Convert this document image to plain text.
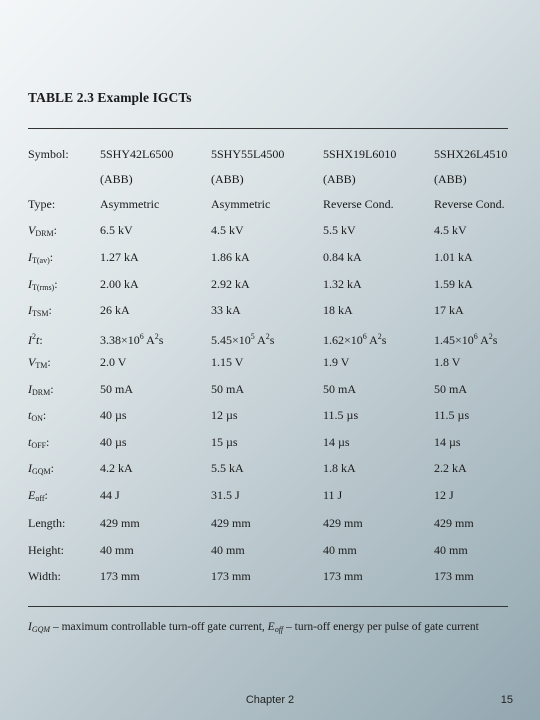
TABLE 2.3 Example IGCTs
Symbol:	5SHY42L6500	5SHY55L4500	5SHX19L6010	5SHX26L4510
(ABB)	(ABB)	(ABB)	(ABB)
Type:	Asymmetric	Asymmetric	Reverse Cond.	Reverse Cond.
$V_{DRM}$:	6.5 kV	4.5 kV	5.5 kV	4.5 kV
$I_{T(av)}$:	1.27 kA	1.86 kA	0.84 kA	1.01 kA
$I_{T(rms)}$:	2.00 kA	2.92 kA	1.32 kA	1.59 kA
$I_{TSM}$:	26 kA	33 kA	18 kA	17 kA
$I^2t$:	$3.38\times 10^6$ $A^2s$	$5.45\times 10^5$ $A^2s$	$1.62\times 10^6$ $A^2s$	$1.45\times 10^6$ $A^2s$
$V_{TM}$:	2.0 V	1.15 V	1.9 V	1.8 V
$I_{DRM}$:	50 mA	50 mA	50 mA	50 mA
$t_{ON}$:	40 µs	12 µs	11.5 µs	11.5 µs
$t_{OFF}$:	40 µs	15 µs	14 µs	14 µs
$I_{GQM}$:	4.2 kA	5.5 kA	1.8 kA	2.2 kA
$E_{off}$:	44 J	31.5 J	11 J	12 J
Length:	429 mm	429 mm	429 mm	429 mm
Height:	40 mm	40 mm	40 mm	40 mm
Width:	173 mm	173 mm	173 mm	173 mm
$I_{GQM}$ – maximum controllable turn-off gate current, $E_{off}$ – turn-off energy per pulse of gate current
Chapter 2	15
